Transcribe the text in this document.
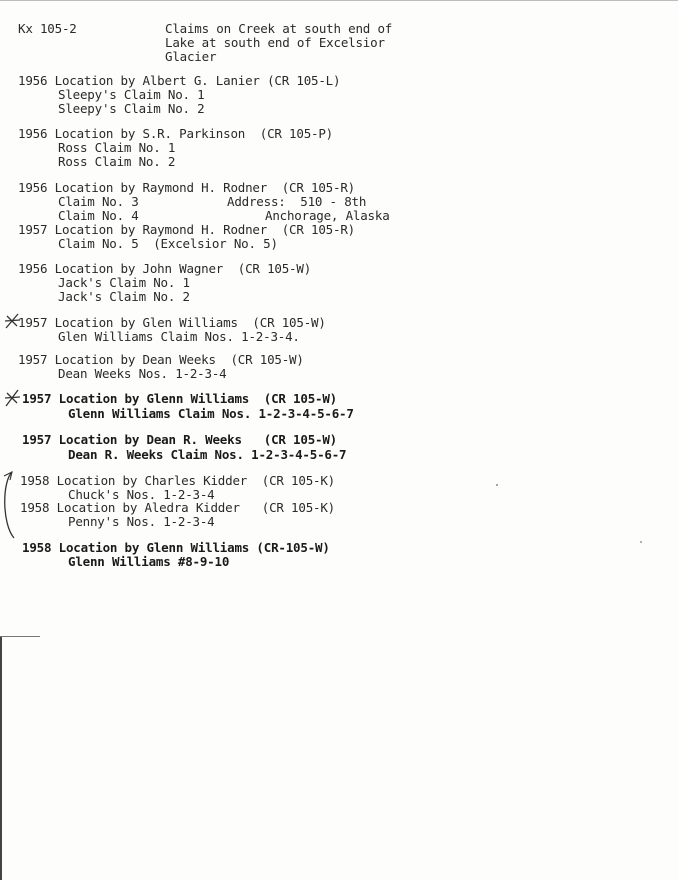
Kx 105-2	Claims on Creek at south end of
Lake at south end of Excelsior
Glacier
1956 Location by Albert G. Lanier (CR 105-L)
Sleepy's Claim No. 1
Sleepy's Claim No. 2
1956 Location by S.R. Parkinson  (CR 105-P)
Ross Claim No. 1
Ross Claim No. 2
1956 Location by Raymond H. Rodner  (CR 105-R)
Claim No. 3
Claim No. 4
Address:  510 - 8th
Anchorage, Alaska
1957 Location by Raymond H. Rodner  (CR 105-R)
Claim No. 5  (Excelsior No. 5)
1956 Location by John Wagner  (CR 105-W)
Jack's Claim No. 1
Jack's Claim No. 2
1957 Location by Glen Williams  (CR 105-W)
Glen Williams Claim Nos. 1-2-3-4.
1957 Location by Dean Weeks  (CR 105-W)
Dean Weeks Nos. 1-2-3-4
1957 Location by Glenn Williams  (CR 105-W)
Glenn Williams Claim Nos. 1-2-3-4-5-6-7
1957 Location by Dean R. Weeks   (CR 105-W)
Dean R. Weeks Claim Nos. 1-2-3-4-5-6-7
1958 Location by Charles Kidder  (CR 105-K)
Chuck's Nos. 1-2-3-4
1958 Location by Aledra Kidder   (CR 105-K)
Penny's Nos. 1-2-3-4
1958 Location by Glenn Williams (CR-105-W)
Glenn Williams #8-9-10
